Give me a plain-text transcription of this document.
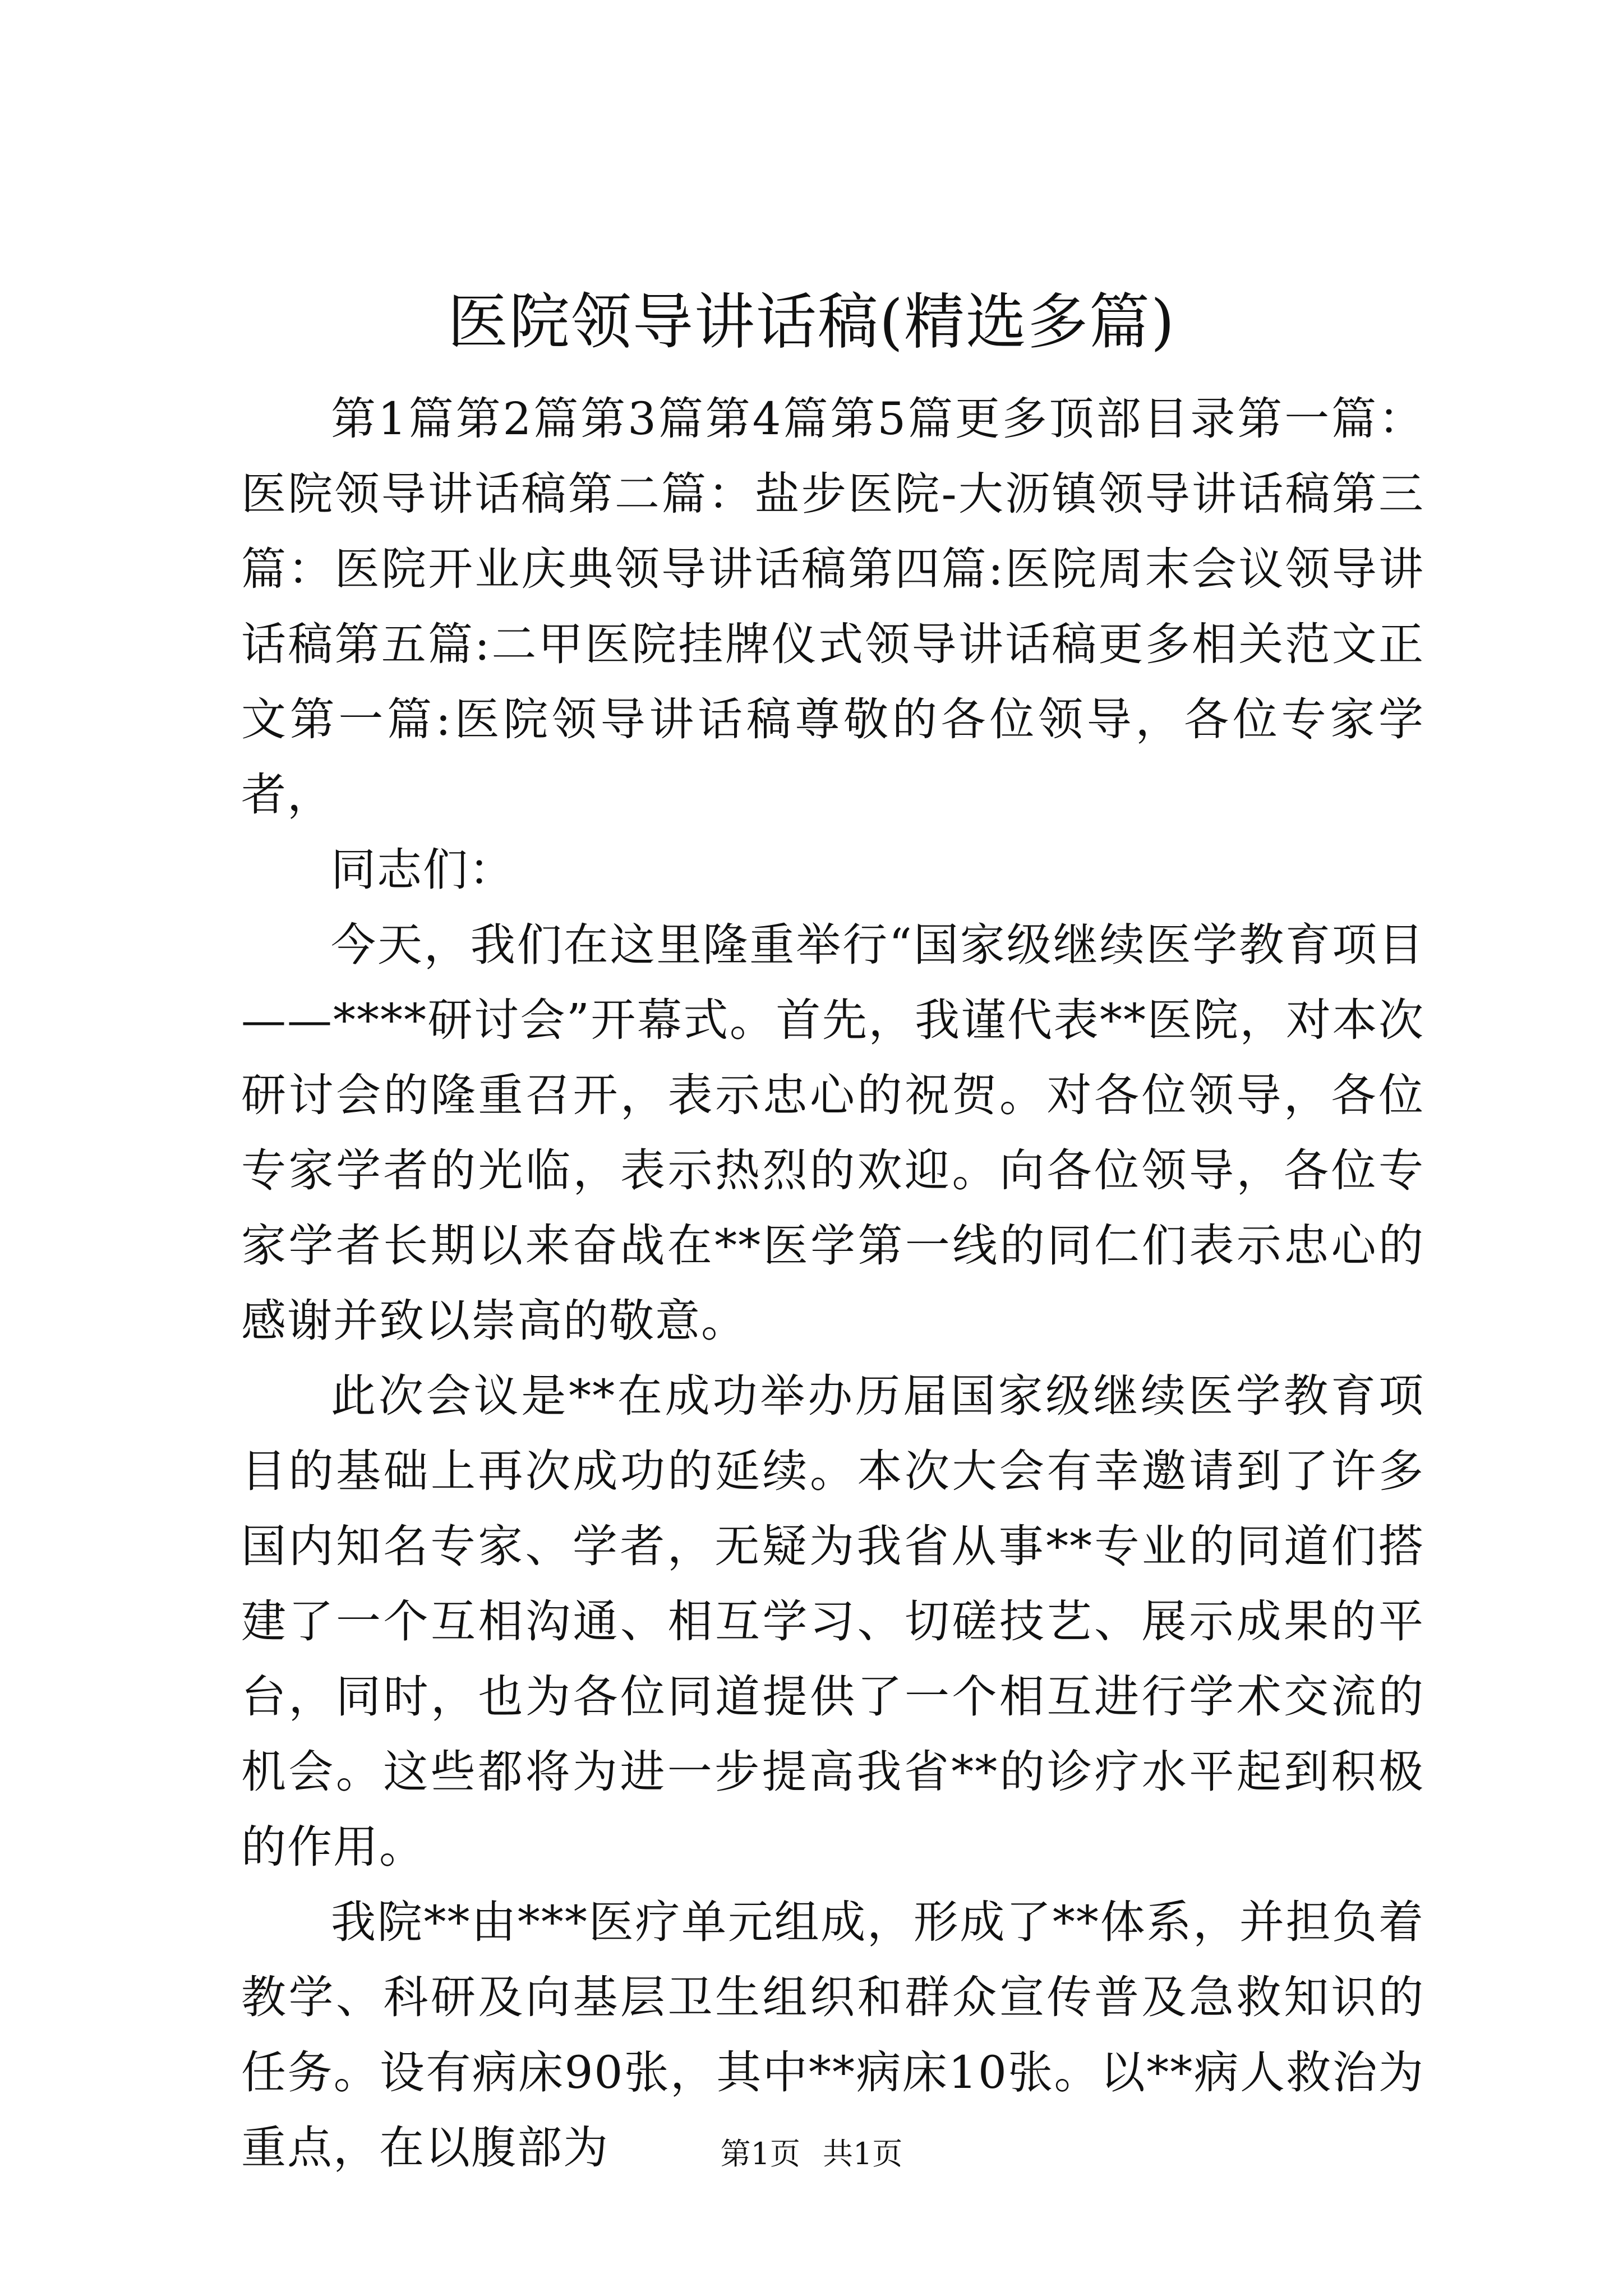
医院领导讲话稿(精选多篇)

第1篇第2篇第3篇第4篇第5篇更多顶部目录第一篇：医院领导讲话稿第二篇：盐步医院-大沥镇领导讲话稿第三篇：医院开业庆典领导讲话稿第四篇:医院周末会议领导讲话稿第五篇:二甲医院挂牌仪式领导讲话稿更多相关范文正文第一篇:医院领导讲话稿尊敬的各位领导，各位专家学者，

同志们：

今天，我们在这里隆重举行“国家级继续医学教育项目——****研讨会”开幕式。首先，我谨代表**医院，对本次研讨会的隆重召开，表示忠心的祝贺。对各位领导，各位专家学者的光临，表示热烈的欢迎。向各位领导，各位专家学者长期以来奋战在**医学第一线的同仁们表示忠心的感谢并致以崇高的敬意。

此次会议是**在成功举办历届国家级继续医学教育项目的基础上再次成功的延续。本次大会有幸邀请到了许多国内知名专家、学者，无疑为我省从事**专业的同道们搭建了一个互相沟通、相互学习、切磋技艺、展示成果的平台，同时，也为各位同道提供了一个相互进行学术交流的机会。这些都将为进一步提高我省**的诊疗水平起到积极的作用。

我院**由***医疗单元组成，形成了**体系，并担负着教学、科研及向基层卫生组织和群众宣传普及急救知识的任务。设有病床90张，其中**病床10张。以**病人救治为重点，在以腹部为	第1页 共1页
